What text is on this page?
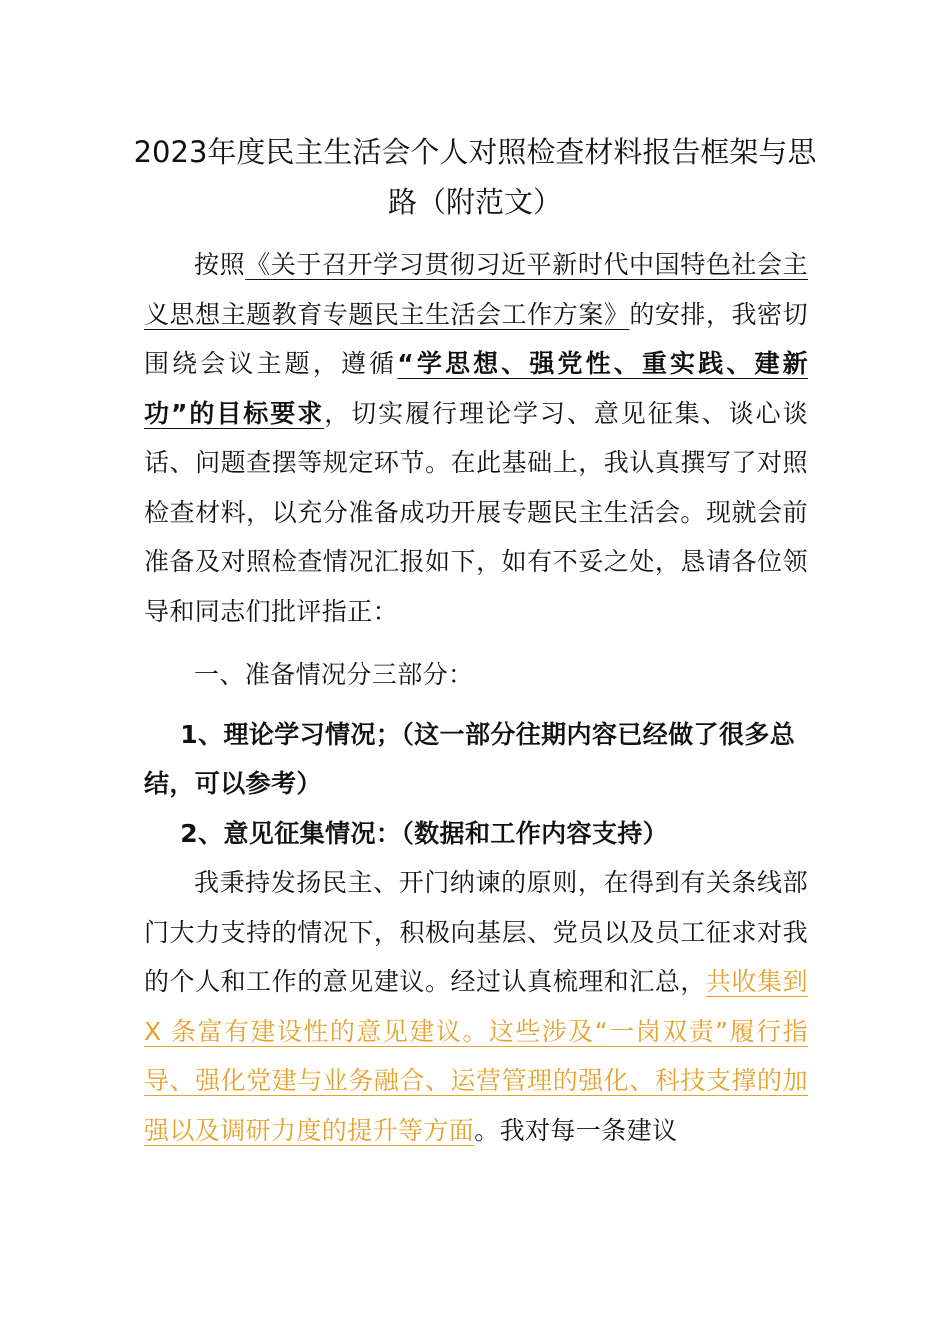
2023年度民主生活会个人对照检查材料报告框架与思路（附范文）

按照《关于召开学习贯彻习近平新时代中国特色社会主义思想主题教育专题民主生活会工作方案》的安排，我密切围绕会议主题，遵循“学思想、强党性、重实践、建新功”的目标要求，切实履行理论学习、意见征集、谈心谈话、问题查摆等规定环节。在此基础上，我认真撰写了对照检查材料，以充分准备成功开展专题民主生活会。现就会前准备及对照检查情况汇报如下，如有不妥之处，恳请各位领导和同志们批评指正：

一、准备情况分三部分：

1、理论学习情况；（这一部分往期内容已经做了很多总结，可以参考）

2、意见征集情况：（数据和工作内容支持）

我秉持发扬民主、开门纳谏的原则，在得到有关条线部门大力支持的情况下，积极向基层、党员以及员工征求对我的个人和工作的意见建议。经过认真梳理和汇总，共收集到 X 条富有建设性的意见建议。这些涉及“一岗双责”履行指导、强化党建与业务融合、运营管理的强化、科技支撑的加强以及调研力度的提升等方面。我对每一条建议
